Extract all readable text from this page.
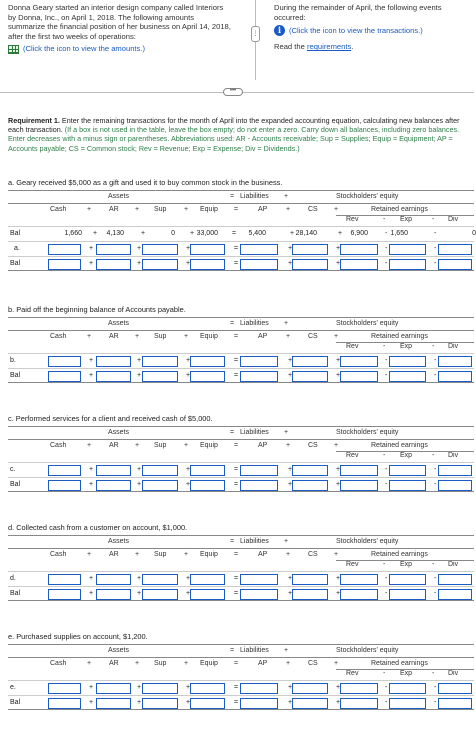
Donna Geary started an interior design company called Interiors by Donna, Inc., on April 1, 2018. The following amounts summarize the financial position of her business on April 14, 2018, after the first two weeks of operations:
(Click the icon to view the amounts.)
⋮
During the remainder of April, the following events occurred:
i	(Click the icon to view the transactions.)
Read the requirements.
•••
Requirement 1. Enter the remaining transactions for the month of April into the expanded accounting equation, calculating new balances after each transaction. (If a box is not used in the table, leave the box empty; do not enter a zero. Carry down all balances, including zero balances. Enter decreases with a minus sign or parentheses. Abbreviations used: AR - Accounts receivable; Sup = Supplies; Equip = Equipment; AP = Accounts payable; CS = Common stock; Rev = Revenue; Exp = Expense; Div = Dividends.)
a. Geary received $5,000 as a gift and used it to buy common stock in the business.
Assets	= Liabilities +	Stockholders' equity
Cash	+	AR + Sup	+ Equip =	AP	+	CS +	Retained earnings
Rev	- Exp	- Div
Bal	1,660	4,130	0	33,000	5,400	28,140	6,900	1,650	0
+	+	+	=	+	+	-	-
a.	+	+	+	=	+	+	-	-
Bal	+	+	+	=	+	+	-	-
b. Paid off the beginning balance of Accounts payable.
Assets	= Liabilities +	Stockholders' equity
Cash	+	AR + Sup	+ Equip =	AP	+	CS +	Retained earnings
Rev	- Exp	- Div
b.	+	+	+	=	+	+	-	-
Bal	+	+	+	=	+	+	-	-
c. Performed services for a client and received cash of $5,000.
Assets	= Liabilities +	Stockholders' equity
Cash	+	AR + Sup	+ Equip =	AP	+	CS +	Retained earnings
Rev	- Exp	- Div
c.	+	+	+	=	+	+	-	-
Bal	+	+	+	=	+	+	-	-
d. Collected cash from a customer on account, $1,000.
Assets	= Liabilities +	Stockholders' equity
Cash	+	AR + Sup	+ Equip =	AP	+	CS +	Retained earnings
Rev	- Exp	- Div
d.	+	+	+	=	+	+	-	-
Bal	+	+	+	=	+	+	-	-
e. Purchased supplies on account, $1,200.
Assets	= Liabilities +	Stockholders' equity
Cash	+	AR + Sup	+ Equip =	AP	+	CS +	Retained earnings
Rev	- Exp	- Div
e.	+	+	+	=	+	+	-	-
Bal	+	+	+	=	+	+	-	-
